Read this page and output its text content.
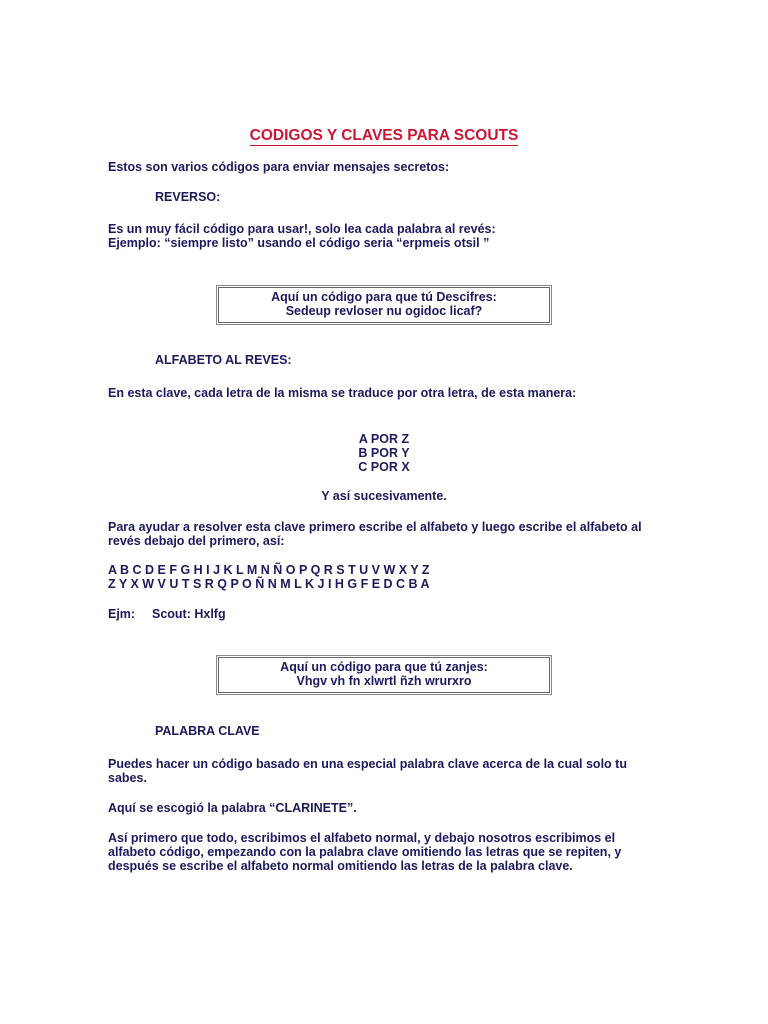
CODIGOS Y CLAVES PARA SCOUTS
Estos son varios códigos para enviar mensajes secretos:
REVERSO:
Es un muy fácil código para usar!, solo lea cada palabra al revés:
Ejemplo: “siempre listo” usando el código seria “erpmeis otsil ”
Aquí un código para que tú Descifres:
Sedeup revloser nu ogidoc licaf?
ALFABETO AL REVES:
En esta clave, cada letra de la misma se traduce por otra letra, de esta manera:
A POR Z
B POR Y
C POR X
Y así sucesivamente.
Para ayudar a resolver esta clave primero escribe el alfabeto y luego escribe el alfabeto al
revés debajo del primero, así:
A B C D E F G H I J K L M N Ñ O P Q R S T U V W X Y Z
Z Y X W V U T S R Q P O Ñ N M L K J I H G F E D C B A
Ejm: Scout: Hxlfg
Aquí un código para que tú zanjes:
Vhgv vh fn xlwrtl ñzh wrurxro
PALABRA CLAVE
Puedes hacer un código basado en una especial palabra clave acerca de la cual solo tu
sabes.
Aquí se escogió la palabra “CLARINETE”.
Así primero que todo, escribimos el alfabeto normal, y debajo nosotros escribimos el
alfabeto código, empezando con la palabra clave omitiendo las letras que se repiten, y
después se escribe el alfabeto normal omitiendo las letras de la palabra clave.
